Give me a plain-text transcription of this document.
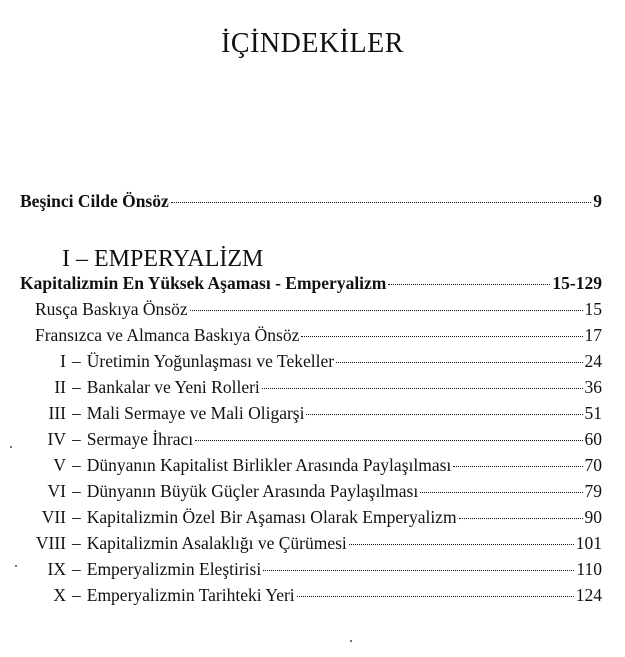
İÇİNDEKİLER
Beşinci Cilde Önsöz	9
I – EMPERYALİZM
Kapitalizmin En Yüksek Aşaması - Emperyalizm	15-129
Rusça Baskıya Önsöz	15
Fransızca ve Almanca Baskıya Önsöz	17
I – Üretimin Yoğunlaşması ve Tekeller	24
II – Bankalar ve Yeni Rolleri	36
III – Mali Sermaye ve Mali Oligarşi	51
IV – Sermaye İhracı	60
V – Dünyanın Kapitalist Birlikler Arasında Paylaşılması	70
VI – Dünyanın Büyük Güçler Arasında Paylaşılması	79
VII – Kapitalizmin Özel Bir Aşaması Olarak Emperyalizm	90
VIII – Kapitalizmin Asalaklığı ve Çürümesi	101
IX – Emperyalizmin Eleştirisi	110
X – Emperyalizmin Tarihteki Yeri	124
